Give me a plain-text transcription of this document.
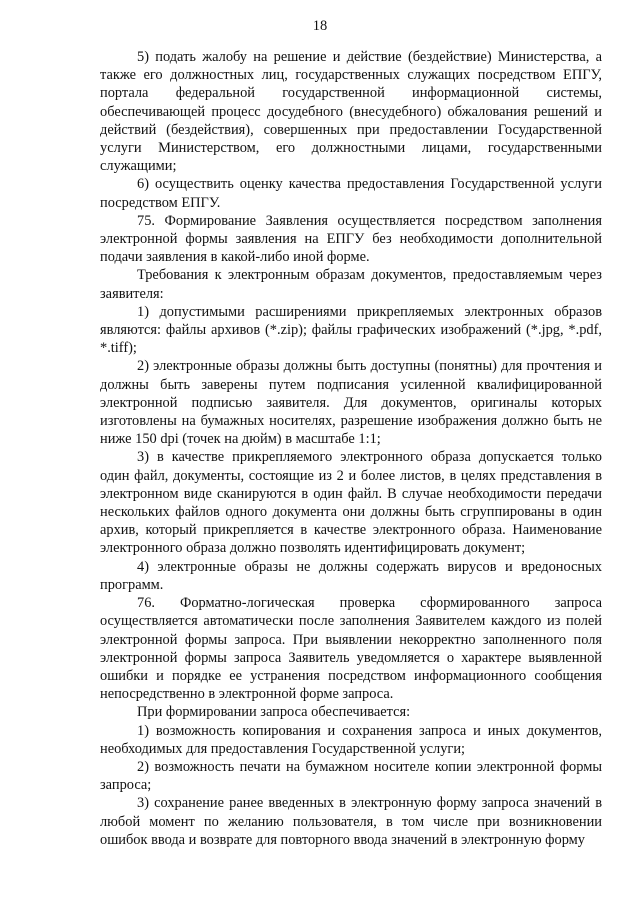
18

5) подать жалобу на решение и действие (бездействие) Министерства, а также его должностных лиц, государственных служащих посредством ЕПГУ, портала федеральной государственной информационной системы, обеспечивающей процесс досудебного (внесудебного) обжалования решений и действий (бездействия), совершенных при предоставлении Государственной услуги Министерством, его должностными лицами, государственными служащими;

6) осуществить оценку качества предоставления Государственной услуги посредством ЕПГУ.

75. Формирование Заявления осуществляется посредством заполнения электронной формы заявления на ЕПГУ без необходимости дополнительной подачи заявления в какой-либо иной форме.

Требования к электронным образам документов, предоставляемым через заявителя:

1) допустимыми расширениями прикрепляемых электронных образов являются: файлы архивов (*.zip); файлы графических изображений (*.jpg, *.pdf, *.tiff);

2) электронные образы должны быть доступны (понятны) для прочтения и должны быть заверены путем подписания усиленной квалифицированной электронной подписью заявителя. Для документов, оригиналы которых изготовлены на бумажных носителях, разрешение изображения должно быть не ниже 150 dpi (точек на дюйм) в масштабе 1:1;

3) в качестве прикрепляемого электронного образа допускается только один файл, документы, состоящие из 2 и более листов, в целях представления в электронном виде сканируются в один файл. В случае необходимости передачи нескольких файлов одного документа они должны быть сгруппированы в один архив, который прикрепляется в качестве электронного образа. Наименование электронного образа должно позволять идентифицировать документ;

4) электронные образы не должны содержать вирусов и вредоносных программ.

76. Форматно-логическая проверка сформированного запроса осуществляется автоматически после заполнения Заявителем каждого из полей электронной формы запроса. При выявлении некорректно заполненного поля электронной формы запроса Заявитель уведомляется о характере выявленной ошибки и порядке ее устранения посредством информационного сообщения непосредственно в электронной форме запроса.

При формировании запроса обеспечивается:

1) возможность копирования и сохранения запроса и иных документов, необходимых для предоставления Государственной услуги;

2) возможность печати на бумажном носителе копии электронной формы запроса;

3) сохранение ранее введенных в электронную форму запроса значений в любой момент по желанию пользователя, в том числе при возникновении ошибок ввода и возврате для повторного ввода значений в электронную форму
